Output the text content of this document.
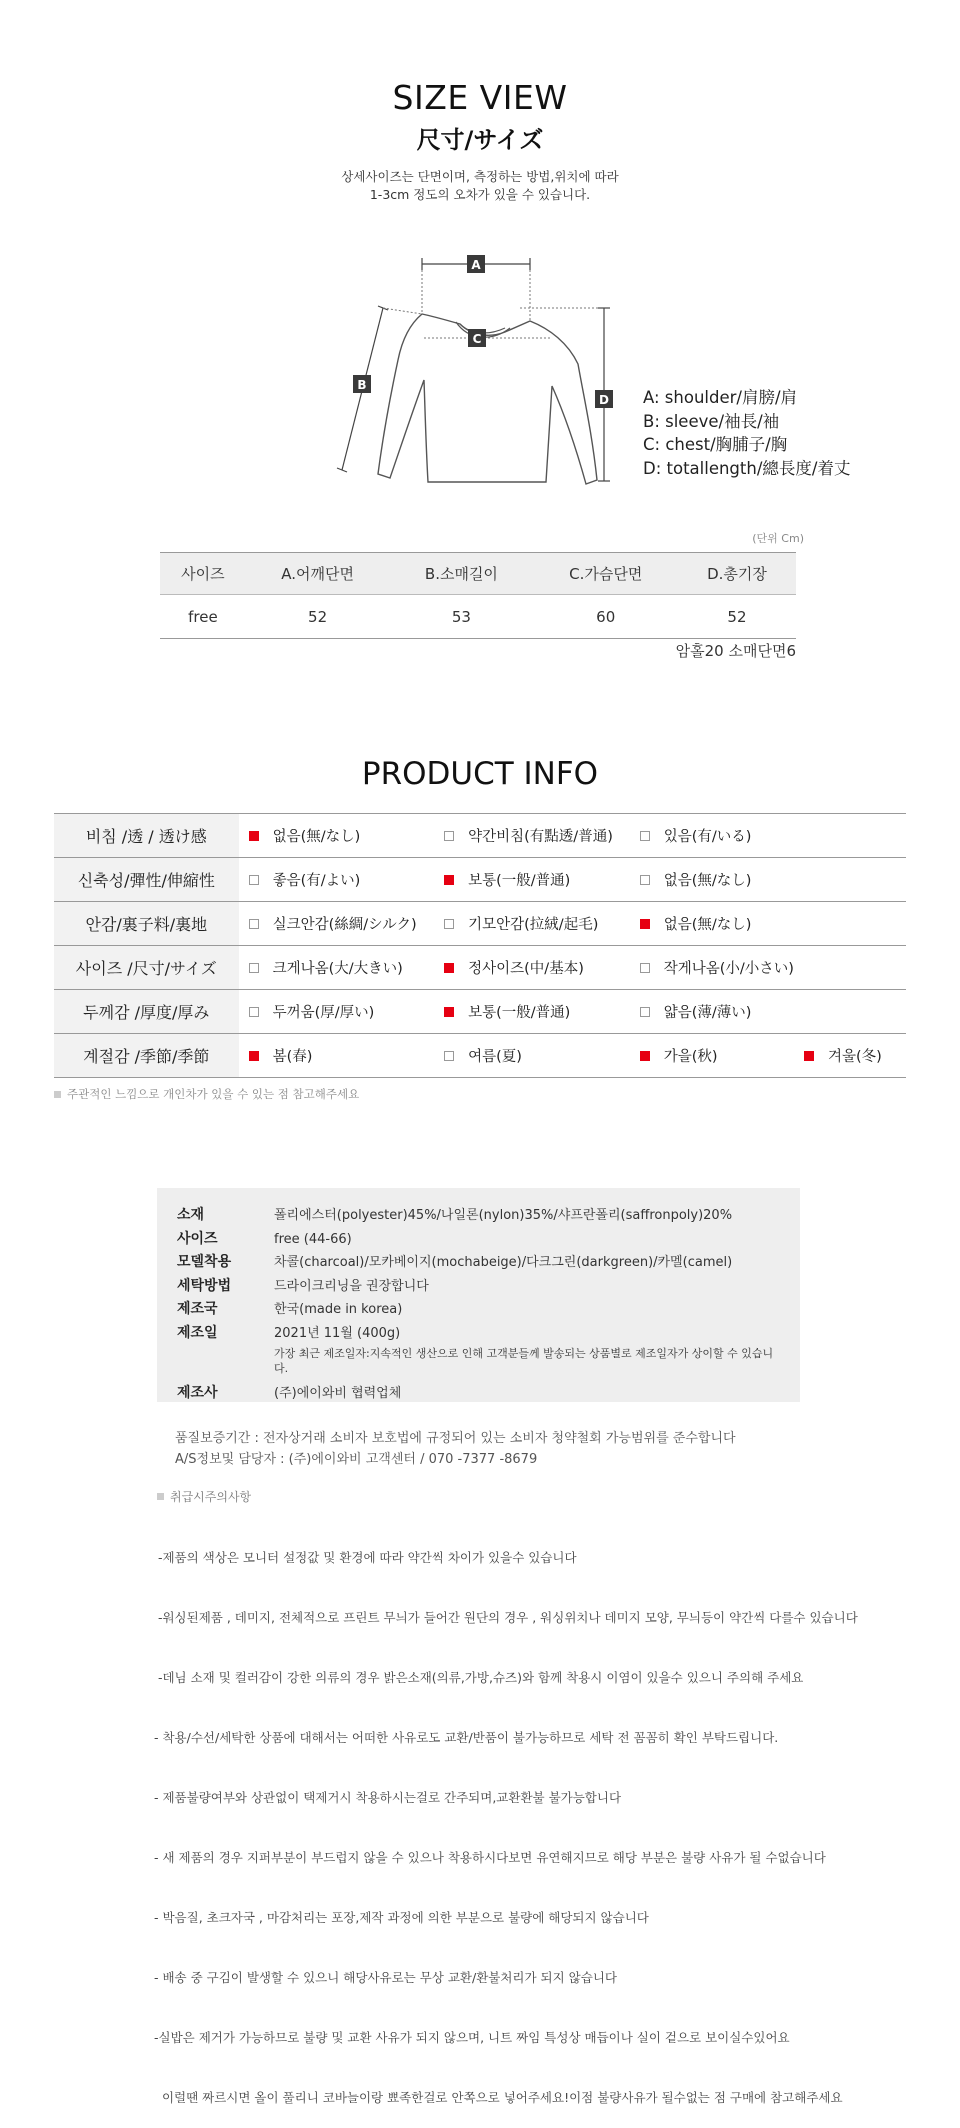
SIZE VIEW
尺寸/サイズ
상세사이즈는 단면이며, 측정하는 방법,위치에 따라
1-3cm 정도의 오차가 있을 수 있습니다.
A
C
B
D A: shoulder/肩膀/肩
B: sleeve/袖長/袖
C: chest/胸脯子/胸
D: totallength/總長度/着丈
(단위 Cm)
사이즈	A.어깨단면	B.소매길이	C.가슴단면	D.총기장
free	52	53	60	52
암홀20 소매단면6
PRODUCT INFO
비침 /透 / 透け感	없음(無/なし)	약간비침(有點透/普通)	있음(有/いる)	

신축성/彈性/伸縮性	좋음(有/よい)	보통(一般/普通)	없음(無/なし)	

안감/裏子料/裏地	실크안감(絲綢/シルク)	기모안감(拉絨/起毛)	없음(無/なし)	

사이즈 /尺寸/サイズ	크게나옴(大/大きい)	정사이즈(中/基本)	작게나옴(小/小さい)	

두께감 /厚度/厚み	두꺼움(厚/厚い)	보통(一般/普通)	얇음(薄/薄い)	

계절감 /季節/季節	봄(春)	여름(夏)	가을(秋)	겨울(冬)
주관적인 느낌으로 개인차가 있을 수 있는 점 참고해주세요
소재	폴리에스터(polyester)45%/나일론(nylon)35%/샤프란폴리(saffronpoly)20%
사이즈	free (44-66)
모델착용	차콜(charcoal)/모카베이지(mochabeige)/다크그린(darkgreen)/카멜(camel)
세탁방법	드라이크리닝을 권장합니다
제조국	한국(made in korea)
제조일	2021년 11월 (400g)
가장 최근 제조일자:지속적인 생산으로 인해 고객분들께 발송되는 상품별로 제조일자가 상이할 수 있습니다.
제조사	(주)에이와비 협력업체
품질보증기간 : 전자상거래 소비자 보호법에 규정되어 있는 소비자 청약철회 가능범위를 준수합니다
A/S정보및 담당자 : (주)에이와비 고객센터 / 070 -7377 -8679
취급시주의사항

-제품의 색상은 모니터 설정값 및 환경에 따라 약간씩 차이가 있을수 있습니다

-워싱된제품 , 데미지, 전체적으로 프린트 무늬가 들어간 원단의 경우 , 워싱위치나 데미지 모양, 무늬등이 약간씩 다를수 있습니다

-데님 소재 및 컬러감이 강한 의류의 경우 밝은소재(의류,가방,슈즈)와 함께 착용시 이염이 있을수 있으니 주의해 주세요

- 착용/수선/세탁한 상품에 대해서는 어떠한 사유로도 교환/반품이 불가능하므로 세탁 전 꼼꼼히 확인 부탁드립니다.

- 제품불량여부와 상관없이 택제거시 착용하시는걸로 간주되며,교환환불 불가능합니다

- 새 제품의 경우 지퍼부분이 부드럽지 않을 수 있으나 착용하시다보면 유연해지므로 해당 부분은 불량 사유가 될 수없습니다

- 박음질, 초크자국 , 마감처리는 포장,제작 과정에 의한 부분으로 불량에 해당되지 않습니다

- 배송 중 구김이 발생할 수 있으니 해당사유로는 무상 교환/환불처리가 되지 않습니다

-실밥은 제거가 가능하므로 불량 및 교환 사유가 되지 않으며, 니트 짜임 특성상 매듭이나 실이 겉으로 보이실수있어요

이럴땐 짜르시면 올이 풀리니 코바늘이랑 뾰족한걸로 안쪽으로 넣어주세요!이점 불량사유가 될수없는 점 구매에 참고해주세요
